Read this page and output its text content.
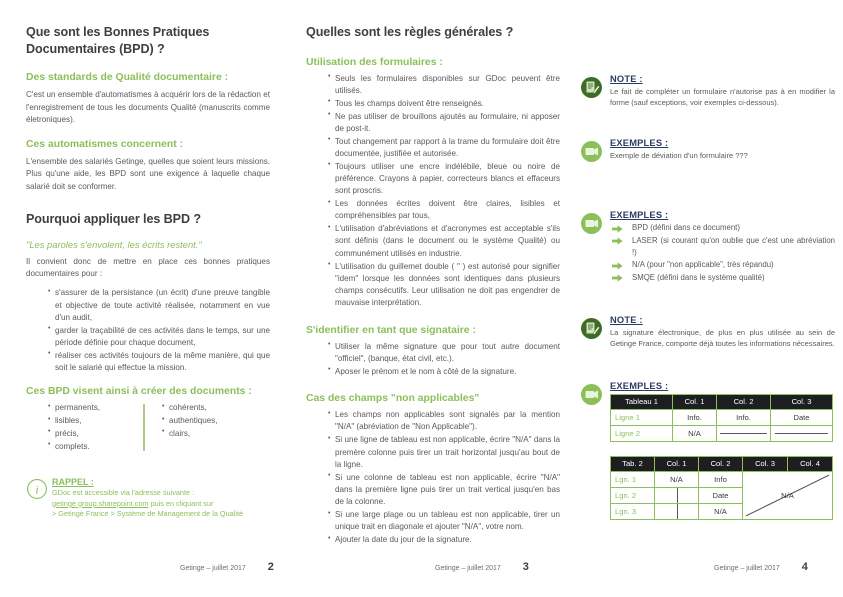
Que sont les Bonnes Pratiques Documentaires (BPD) ?
Des standards de Qualité documentaire :

C'est un ensemble d'automatismes à acquérir lors de la rédaction et l'enregistrement de tous les documents Qualité (manuscrits comme életroniques).

Ces automatismes concernent :

L'ensemble des salariés Getinge, quelles que soient leurs missions. Plus qu'une aide, les BPD sont une exigence à laquelle chaque salarié doit se conformer.

Pourquoi appliquer les BPD ?

"Les paroles s'envolent, les écrits restent."

Il convient donc de mettre en place ces bonnes pratiques documentaires pour :

• s'assurer de la persistance (un écrit) d'une preuve tangible et objective de toute activité réalisée, notamment en vue d'un audit,
• garder la traçabilité de ces activités dans le temps, sur une période définie pour chaque document,
• réaliser ces activités toujours de la même manière, qui que soit le salarié qui effectue la mission.
Ces BPD visent ainsi à créer des documents :
• permanents,
• lisibles,
• précis,
• complets.
• cohérents,
• authentiques,
• clairs,
i
RAPPEL :

GDoc est accessible via l'adresse suivante :

getinge.group.sharepoint.com puis en cliquant sur

> Getinge France > Système de Management de la Qualité

Getinge – juillet 2017 2
Quelles sont les règles générales ?
Utilisation des formulaires :
• Seuls les formulaires disponibles sur GDoc peuvent être utilisés.
• Tous les champs doivent être renseignés.
• Ne pas utiliser de brouillons ajoutés au formulaire, ni apposer de post-it.
• Tout changement par rapport à la trame du formulaire doit être documentée, justifiée et autorisée.
• Toujours utiliser une encre indélébile, bleue ou noire de préférence. Crayons à papier, correcteurs blancs et effaceurs sont proscris.
• Les données écrites doivent être claires, lisibles et compréhensibles par tous,
• L'utilisation d'abréviations et d'acronymes est acceptable s'ils sont définis (dans le document ou le système Qualité) ou communément utilisés en industrie.
• L'utilisation du guillemet double ( " ) est autorisé pour signifier "idem" lorsque les données sont identiques dans plusieurs champs consécutifs. Leur utilisation ne doit pas engendrer de mauvaise interprétation.
S'identifier en tant que signataire :
• Utiliser la même signature que pour tout autre document "officiel", (banque, état civil, etc.).
• Aposer le prénom et le nom à côté de la signature.
Cas des champs "non applicables"
• Les champs non applicables sont signalés par la mention "N/A" (abréviation de "Non Applicable").
• Si une ligne de tableau est non applicable, écrire "N/A" dans la premère colonne puis tirer un trait horizontal jusqu'au bout de la ligne.
• Si une colonne de tableau est non applicable, écrire "N/A" dans la première ligne puis tirer un trait vertical jusqu'en bas de la colonne.
• Si une large plage ou un tableau est non applicable, tirer un unique trait en diagonale et ajouter "N/A", votre nom.
• Ajouter la date du jour de la signature.
Getinge – juillet 2017 3
NOTE :

Le fait de compléter un formulaire n'autorise pas à en modifier la forme (sauf exceptions, voir exemples ci-dessous).

EXEMPLES :

Exemple de déviation d'un formulaire ???

EXEMPLES :
BPD (défini dans ce document)
LASER (si courant qu'on oublie que c'est une abréviation !)
N/A (pour "non applicable", très répandu)
SMQE (défini dans le système qualité)
NOTE :

La signature électronique, de plus en plus utilisée au sein de Getinge France, comporte déjà toutes les informations nécessaires.

EXEMPLES :
Tableau 1	Col. 1	Col. 2	Col. 3
Ligne 1	Info.	Info.	Date
Ligne 2	N/A		
Tab. 2	Col. 1	Col. 2	Col. 3	Col. 4
Lgn. 1	N/A	Info	N/A	
Lgn. 2		Date		
Lgn. 3		N/A		
Getinge – juillet 2017 4
